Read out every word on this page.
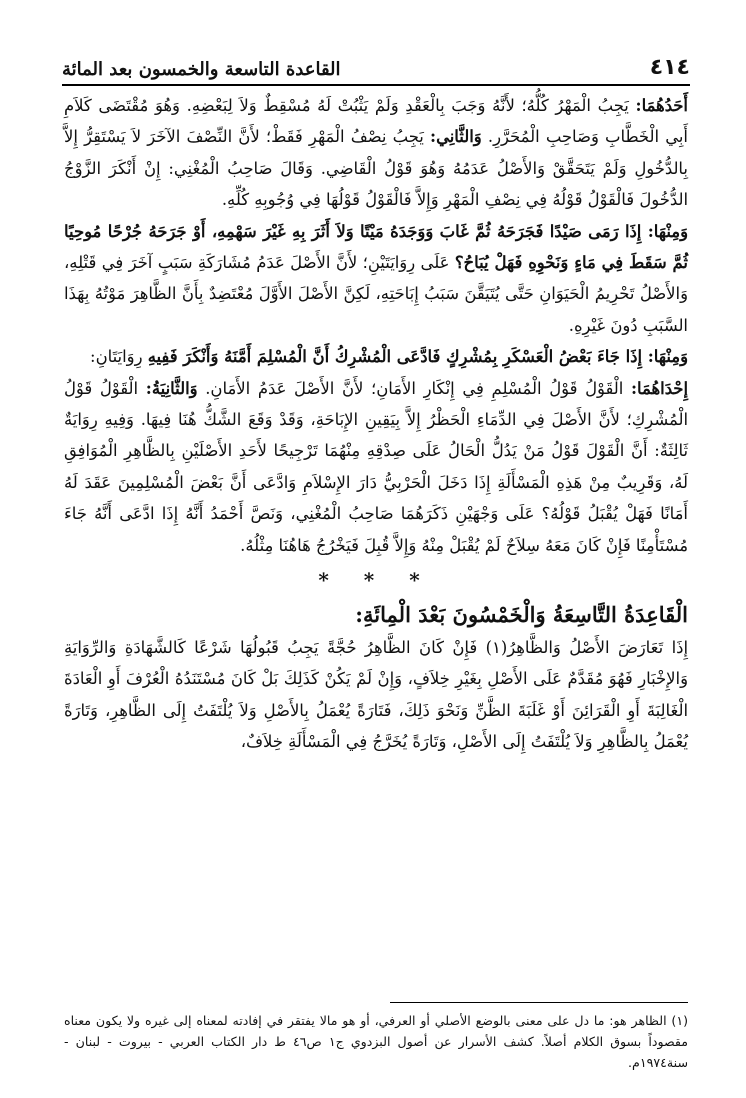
٤١٤
القاعدة التاسعة والخمسون بعد المائة

أَحَدُهُمَا: يَجِبُ الْمَهْرُ كُلُّهُ؛ لأَنَّهُ وَجَبَ بِالْعَقْدِ وَلَمْ يَثْبُتْ لَهُ مُسْقِطٌ وَلاَ لِبَعْضِهِ. وَهُوَ مُقْتَضَى كَلاَمِ أَبِي الْخَطَّابِ وَصَاحِبِ الْمُحَرَّرِ. وَالثَّانِي: يَجِبُ نِصْفُ الْمَهْرِ فَقَطْ؛ لأَنَّ النِّصْفَ الآخَرَ لاَ يَسْتَقِرُّ إِلاَّ بِالدُّخُولِ وَلَمْ يَتَحَقَّقْ وَالأَصْلُ عَدَمُهُ وَهُوَ قَوْلُ الْقَاضِي. وَقَالَ صَاحِبُ الْمُغْنِي: إِنْ أَنْكَرَ الزَّوْجُ الدُّخُولَ فَالْقَوْلُ قَوْلُهُ فِي نِصْفِ الْمَهْرِ وَإِلاَّ فَالْقَوْلُ قَوْلُهَا فِي وُجُوبِهِ كُلِّهِ.

وَمِنْهَا: إِذَا رَمَى صَيْدًا فَجَرَحَهُ ثُمَّ غَابَ وَوَجَدَهُ مَيْتًا وَلاَ أَثَرَ بِهِ غَيْرَ سَهْمِهِ، أَوْ جَرَحَهُ جُرْحًا مُوحِيًا ثُمَّ سَقَطَ فِي مَاءٍ وَنَحْوِهِ فَهَلْ يُبَاحُ؟ عَلَى رِوَايَتَيْنِ؛ لأَنَّ الأَصْلَ عَدَمُ مُشَارَكَةِ سَبَبٍ آخَرَ فِي قَتْلِهِ، وَالأَصْلُ تَحْرِيمُ الْحَيَوَانِ حَتَّى يُتَيَقَّنَ سَبَبُ إِبَاحَتِهِ، لَكِنَّ الأَصْلَ الأَوَّلَ مُعْتَضِدٌ بِأَنَّ الظَّاهِرَ مَوْتُهُ بِهَذَا السَّبَبِ دُونَ غَيْرِهِ.

وَمِنْهَا: إِذَا جَاءَ بَعْضُ الْعَسْكَرِ بِمُشْرِكٍ فَادَّعَى الْمُشْرِكُ أَنَّ الْمُسْلِمَ أَمَّنَهُ وَأَنْكَرَ فَفِيهِ رِوَايَتَانِ:

إِحْدَاهُمَا: الْقَوْلُ قَوْلُ الْمُسْلِمِ فِي إِنْكَارِ الأَمَانِ؛ لأَنَّ الأَصْلَ عَدَمُ الأَمَانِ. وَالثَّانِيَةُ: الْقَوْلُ قَوْلُ الْمُشْرِكِ؛ لأَنَّ الأَصْلَ فِي الدِّمَاءِ الْحَظْرُ إِلاَّ بِيَقِينِ الإِبَاحَةِ، وَقَدْ وَقَعَ الشَّكُّ هُنَا فِيهَا. وَفِيهِ رِوَايَةٌ ثَالِثَةٌ: أَنَّ الْقَوْلَ قَوْلُ مَنْ يَدُلُّ الْحَالُ عَلَى صِدْقِهِ مِنْهُمَا تَرْجِيحًا لأَحَدِ الأَصْلَيْنِ بِالظَّاهِرِ الْمُوَافِقِ لَهُ، وَقَرِيبٌ مِنْ هَذِهِ الْمَسْأَلَةِ إِذَا دَخَلَ الْحَرْبِيُّ دَارَ الإِسْلاَمِ وَادَّعَى أَنَّ بَعْضَ الْمُسْلِمِينَ عَقَدَ لَهُ أَمَانًا فَهَلْ يُقْبَلُ قَوْلُهُ؟ عَلَى وَجْهَيْنِ ذَكَرَهُمَا صَاحِبُ الْمُغْنِي، وَنَصَّ أَحْمَدُ أَنَّهُ إِذَا ادَّعَى أَنَّهُ جَاءَ مُسْتَأْمِنًا فَإِنْ كَانَ مَعَهُ سِلاَحٌ لَمْ يُقْبَلْ مِنْهُ وَإِلاَّ قُبِلَ فَيَخْرُجُ هَاهُنَا مِثْلُهُ.

* * *
الْقَاعِدَةُ التَّاسِعَةُ وَالْخَمْسُونَ بَعْدَ الْمِائَةِ:

إِذَا تَعَارَضَ الأَصْلُ وَالظَّاهِرُ(١) فَإِنْ كَانَ الظَّاهِرُ حُجَّةً يَجِبُ قَبُولُهَا شَرْعًا كَالشَّهَادَةِ وَالرِّوَايَةِ وَالإِخْبَارِ فَهُوَ مُقَدَّمٌ عَلَى الأَصْلِ بِغَيْرِ خِلاَفٍ، وَإِنْ لَمْ يَكُنْ كَذَلِكَ بَلْ كَانَ مُسْتَنَدُهُ الْعُرْفَ أَوِ الْعَادَةَ الْغَالِبَةَ أَوِ الْقَرَائِنَ أَوْ غَلَبَةَ الظَّنِّ وَنَحْوَ ذَلِكَ، فَتَارَةً يُعْمَلُ بِالأَصْلِ وَلاَ يُلْتَفَتُ إِلَى الظَّاهِرِ، وَتَارَةً يُعْمَلُ بِالظَّاهِرِ وَلاَ يُلْتَفَتُ إِلَى الأَصْلِ، وَتَارَةً يُخَرَّجُ فِي الْمَسْأَلَةِ خِلاَفٌ،

(١) الظاهر هو: ما دل على معنى بالوضع الأصلي أو العرفي، أو هو مالا يفتقر في إفادته لمعناه إلى غيره ولا يكون معناه مقصوداً بسوق الكلام أصلاً. كشف الأسرار عن أصول البزدوي ج١ ص٤٦ ط دار الكتاب العربي - بيروت - لبنان - سنة١٩٧٤م.
